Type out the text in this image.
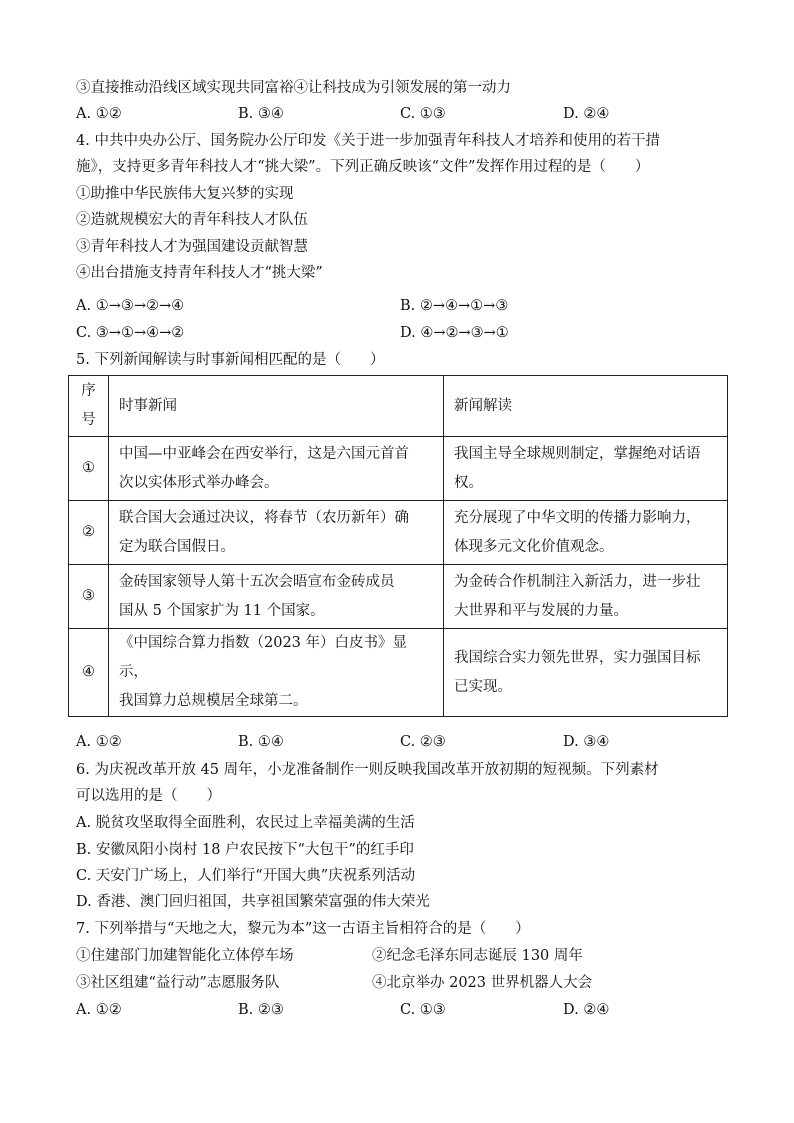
③直接推动沿线区域实现共同富裕④让科技成为引领发展的第一动力
A. ①②	B. ③④	C. ①③	D. ②④
4. 中共中央办公厅、国务院办公厅印发《关于进一步加强青年科技人才培养和使用的若干措
施》，支持更多青年科技人才“挑大梁”。下列正确反映该“文件”发挥作用过程的是（　　）
①助推中华民族伟大复兴梦的实现
②造就规模宏大的青年科技人才队伍
③青年科技人才为强国建设贡献智慧
④出台措施支持青年科技人才“挑大梁”
A. ①→③→②→④	B. ②→④→①→③
C. ③→①→④→②	D. ④→②→③→①
5. 下列新闻解读与时事新闻相匹配的是（　　）
序
号	时事新闻	新闻解读
①	中国—中亚峰会在西安举行，这是六国元首首
次以实体形式举办峰会。	我国主导全球规则制定，掌握绝对话语
权。

②	联合国大会通过决议，将春节（农历新年）确
定为联合国假日。	充分展现了中华文明的传播力影响力，
体现多元文化价值观念。

③	金砖国家领导人第十五次会晤宣布金砖成员
国从 5 个国家扩为 11 个国家。	为金砖合作机制注入新活力，进一步壮
大世界和平与发展的力量。

④	《中国综合算力指数（2023 年）白皮书》显示，
我国算力总规模居全球第二。	我国综合实力领先世界，实力强国目标
已实现。
A. ①②	B. ①④	C. ②③	D. ③④
6. 为庆祝改革开放 45 周年，小龙准备制作一则反映我国改革开放初期的短视频。下列素材
可以选用的是（　　）
A. 脱贫攻坚取得全面胜利，农民过上幸福美满的生活
B. 安徽凤阳小岗村 18 户农民按下“大包干”的红手印
C. 天安门广场上，人们举行“开国大典”庆祝系列活动
D. 香港、澳门回归祖国，共享祖国繁荣富强的伟大荣光
7. 下列举措与“天地之大，黎元为本”这一古语主旨相符合的是（　　）
①住建部门加建智能化立体停车场	②纪念毛泽东同志诞辰 130 周年
③社区组建“益行动”志愿服务队	④北京举办 2023 世界机器人大会
A. ①②	B. ②③	C. ①③	D. ②④
